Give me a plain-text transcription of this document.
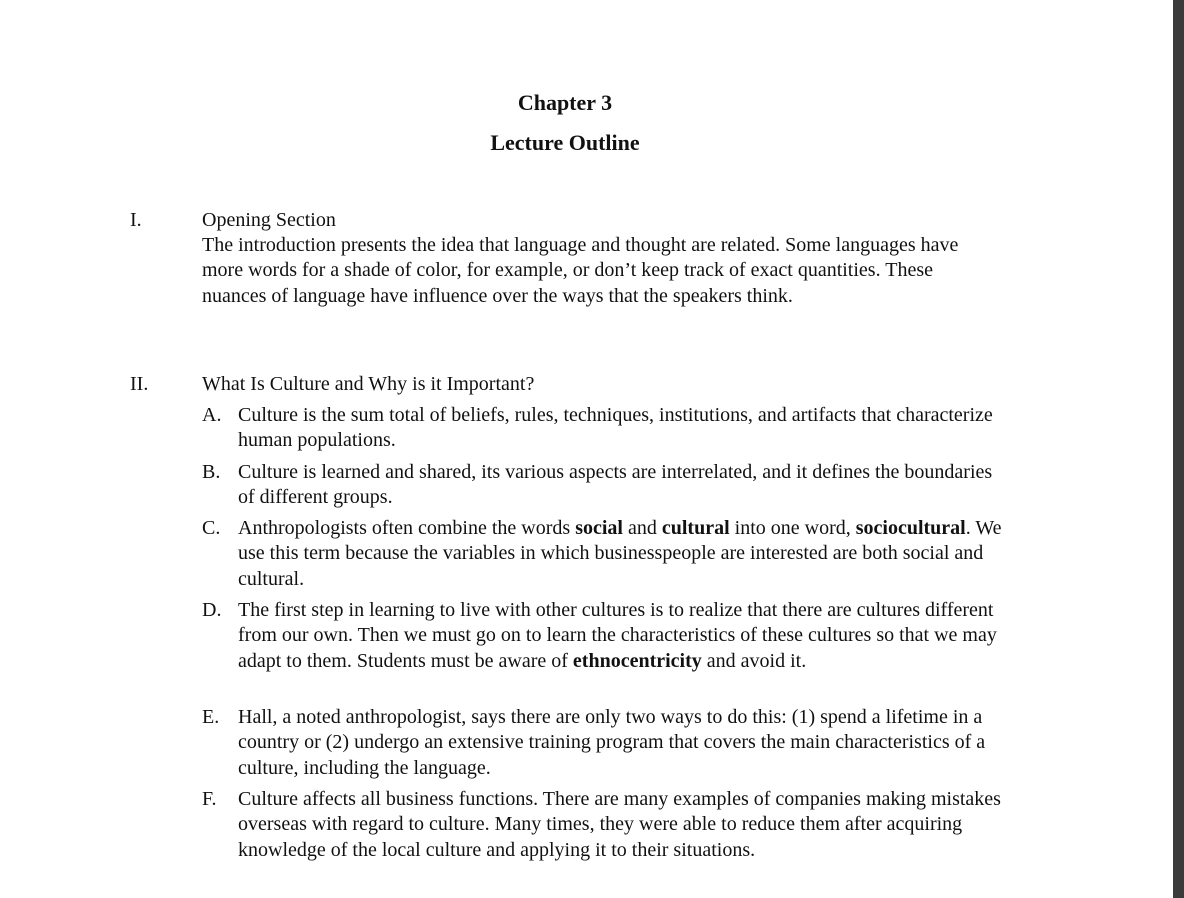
Chapter 3
Lecture Outline
I.	Opening Section

The introduction presents the idea that language and thought are related. Some languages have more words for a shade of color, for example, or don’t keep track of exact quantities. These nuances of language have influence over the ways that the speakers think.

II.	What Is Culture and Why is it Important?
A. Culture is the sum total of beliefs, rules, techniques, institutions, and artifacts that characterize human populations.
B. Culture is learned and shared, its various aspects are interrelated, and it defines the boundaries of different groups.
C. Anthropologists often combine the words social and cultural into one word, sociocultural. We use this term because the variables in which businesspeople are interested are both social and cultural.
D. The first step in learning to live with other cultures is to realize that there are cultures different from our own. Then we must go on to learn the characteristics of these cultures so that we may adapt to them. Students must be aware of ethnocentricity and avoid it.
E. Hall, a noted anthropologist, says there are only two ways to do this: (1) spend a lifetime in a country or (2) undergo an extensive training program that covers the main characteristics of a culture, including the language.
F. Culture affects all business functions. There are many examples of companies making mistakes overseas with regard to culture. Many times, they were able to reduce them after acquiring knowledge of the local culture and applying it to their situations.
